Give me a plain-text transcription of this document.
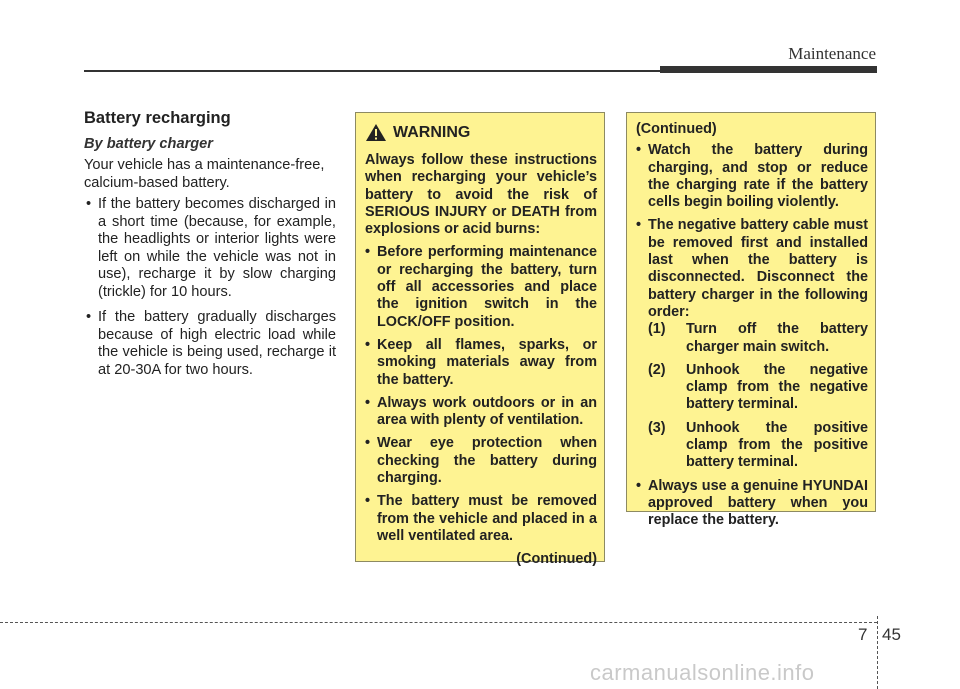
Maintenance
Battery recharging
By battery charger

Your vehicle has a maintenance-free, calcium-based battery.

• If the battery becomes discharged in a short time (because, for example, the headlights or interior lights were left on while the vehicle was not in use), recharge it by slow charging (trickle) for 10 hours.
• If the battery gradually discharges because of high electric load while the vehicle is being used, recharge it at 20-30A for two hours.
WARNING

Always follow these instructions when recharging your vehicle’s battery to avoid the risk of SERIOUS INJURY or DEATH from explosions or acid burns:

• Before performing maintenance or recharging the battery, turn off all accessories and place the ignition switch in the LOCK/OFF position.
• Keep all flames, sparks, or smoking materials away from the battery.
• Always work outdoors or in an area with plenty of ventilation.
• Wear eye protection when checking the battery during charging.
• The battery must be removed from the vehicle and placed in a well ventilated area.
(Continued)
(Continued)
• Watch the battery during charging, and stop or reduce the charging rate if the battery cells begin boiling violently.
• The negative battery cable must be removed first and installed last when the battery is disconnected. Disconnect the battery charger in the following order:
(1) Turn off the battery charger main switch.
(2) Unhook the negative clamp from the negative battery terminal.
(3) Unhook the positive clamp from the positive battery terminal.
• Always use a genuine HYUNDAI approved battery when you replace the battery.
7 45
carmanualsonline.info
